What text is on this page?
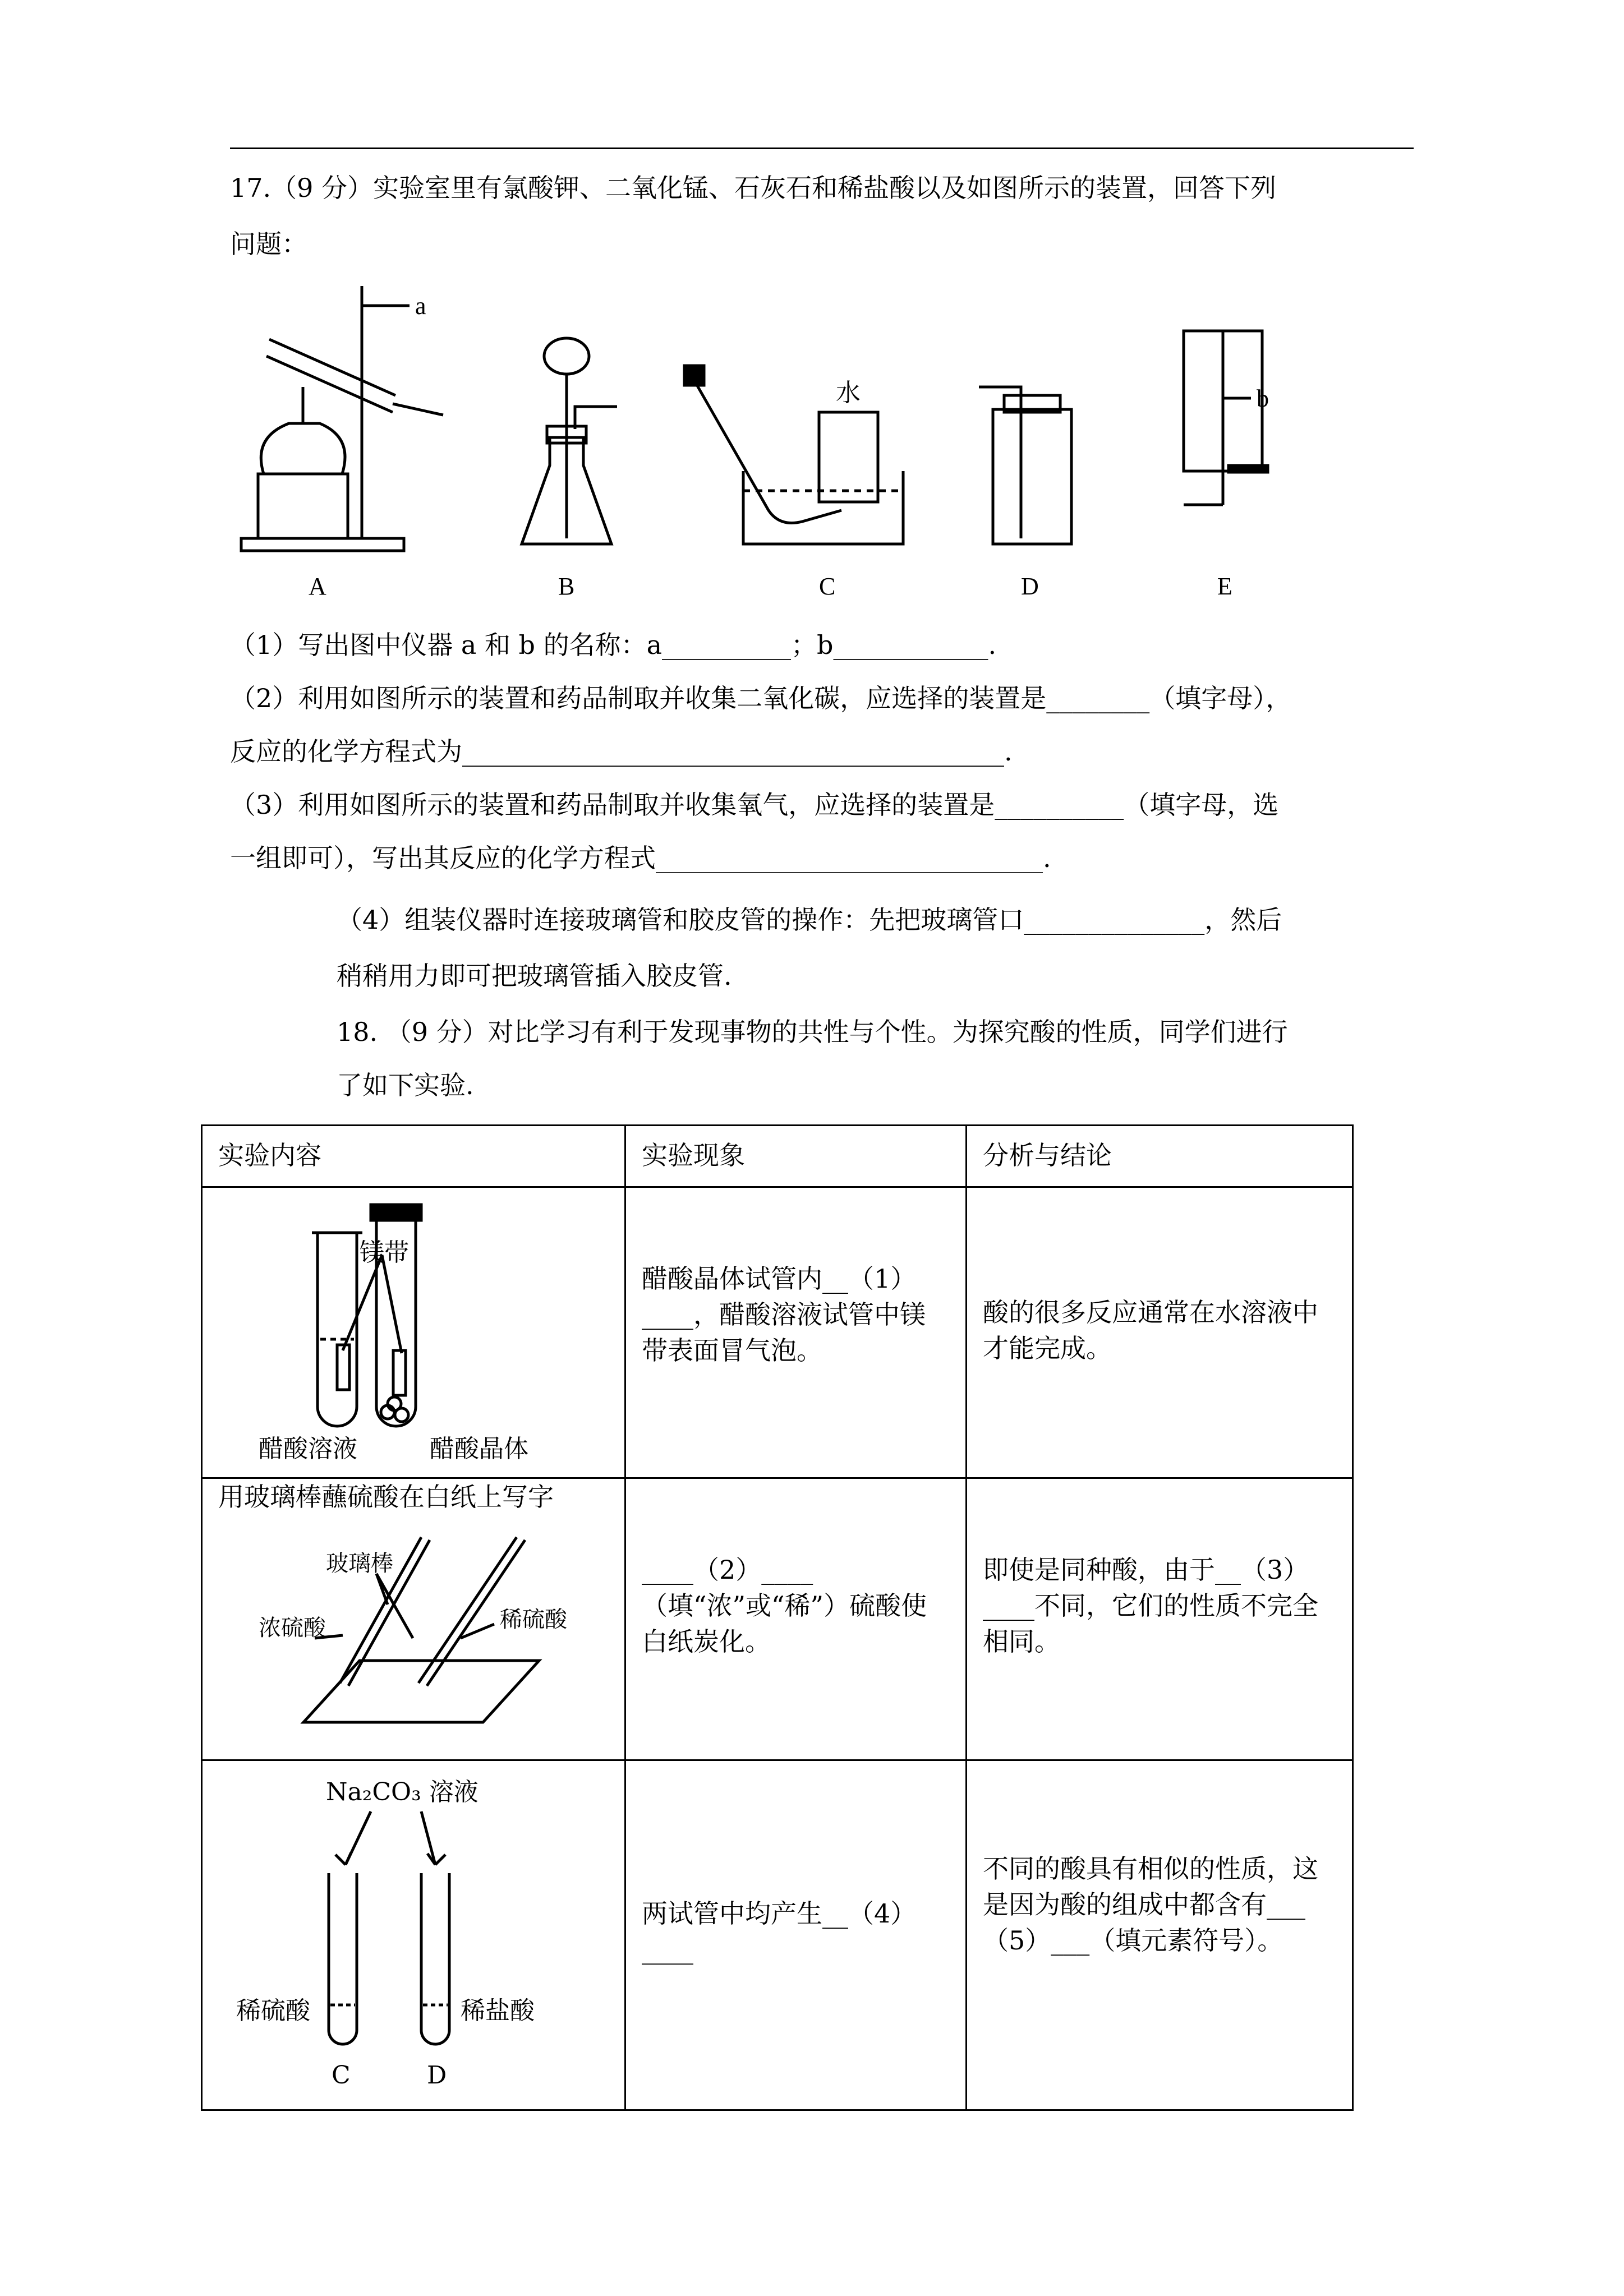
17.（9 分）实验室里有氯酸钾、二氧化锰、石灰石和稀盐酸以及如图所示的装置，回答下列
问题：
a
b
水
A	B	C	D	E
（1）写出图中仪器 a 和 b 的名称：a__________；b____________.
（2）利用如图所示的装置和药品制取并收集二氧化碳，应选择的装置是________（填字母），
反应的化学方程式为__________________________________________.
（3）利用如图所示的装置和药品制取并收集氧气，应选择的装置是__________（填字母，选
一组即可），写出其反应的化学方程式______________________________.
（4）组装仪器时连接玻璃管和胶皮管的操作：先把玻璃管口______________，然后
稍稍用力即可把玻璃管插入胶皮管.
18. （9 分）对比学习有利于发现事物的共性与个性。为探究酸的性质，同学们进行
了如下实验.
实验内容	实验现象	分析与结论

镁带
醋酸溶液 醋酸晶体	醋酸晶体试管内__（1）____，醋酸溶液试管中镁带表面冒气泡。	酸的很多反应通常在水溶液中才能完成。

用玻璃棒蘸硫酸在白纸上写字
玻璃棒
浓硫酸 稀硫酸	____（2）____（填“浓”或“稀”）硫酸使白纸炭化。	即使是同种酸，由于__（3）____不同，它们的性质不完全相同。

Na₂CO₃ 溶液
稀硫酸 稀盐酸
C D	两试管中均产生__（4）____	不同的酸具有相似的性质，这是因为酸的组成中都含有___（5）___（填元素符号）。
